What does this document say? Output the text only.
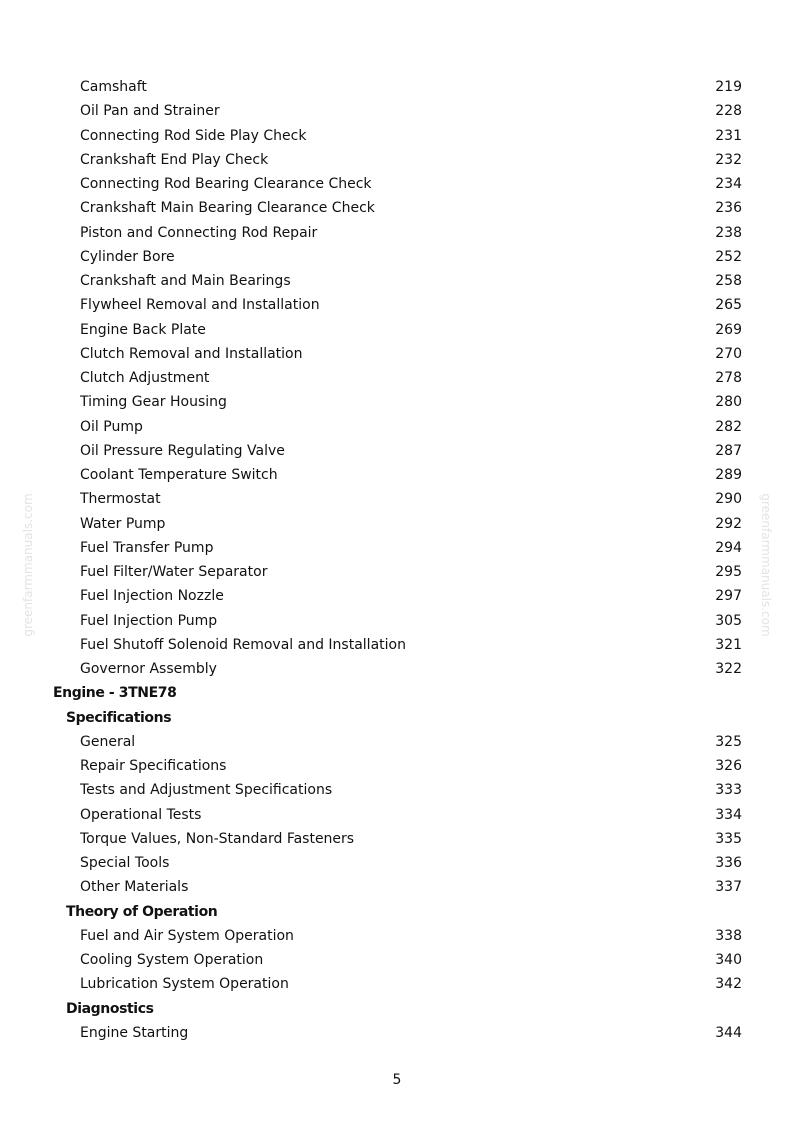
greenfarmmanuals.com	greenfarmmanuals.com
Camshaft	219
Oil Pan and Strainer	228
Connecting Rod Side Play Check	231
Crankshaft End Play Check	232
Connecting Rod Bearing Clearance Check	234
Crankshaft Main Bearing Clearance Check	236
Piston and Connecting Rod Repair	238
Cylinder Bore	252
Crankshaft and Main Bearings	258
Flywheel Removal and Installation	265
Engine Back Plate	269
Clutch Removal and Installation	270
Clutch Adjustment	278
Timing Gear Housing	280
Oil Pump	282
Oil Pressure Regulating Valve	287
Coolant Temperature Switch	289
Thermostat	290
Water Pump	292
Fuel Transfer Pump	294
Fuel Filter/Water Separator	295
Fuel Injection Nozzle	297
Fuel Injection Pump	305
Fuel Shutoff Solenoid Removal and Installation	321
Governor Assembly	322
Engine - 3TNE78
Specifications
General	325
Repair Specifications	326
Tests and Adjustment Specifications	333
Operational Tests	334
Torque Values, Non-Standard Fasteners	335
Special Tools	336
Other Materials	337
Theory of Operation
Fuel and Air System Operation	338
Cooling System Operation	340
Lubrication System Operation	342
Diagnostics
Engine Starting	344
5
